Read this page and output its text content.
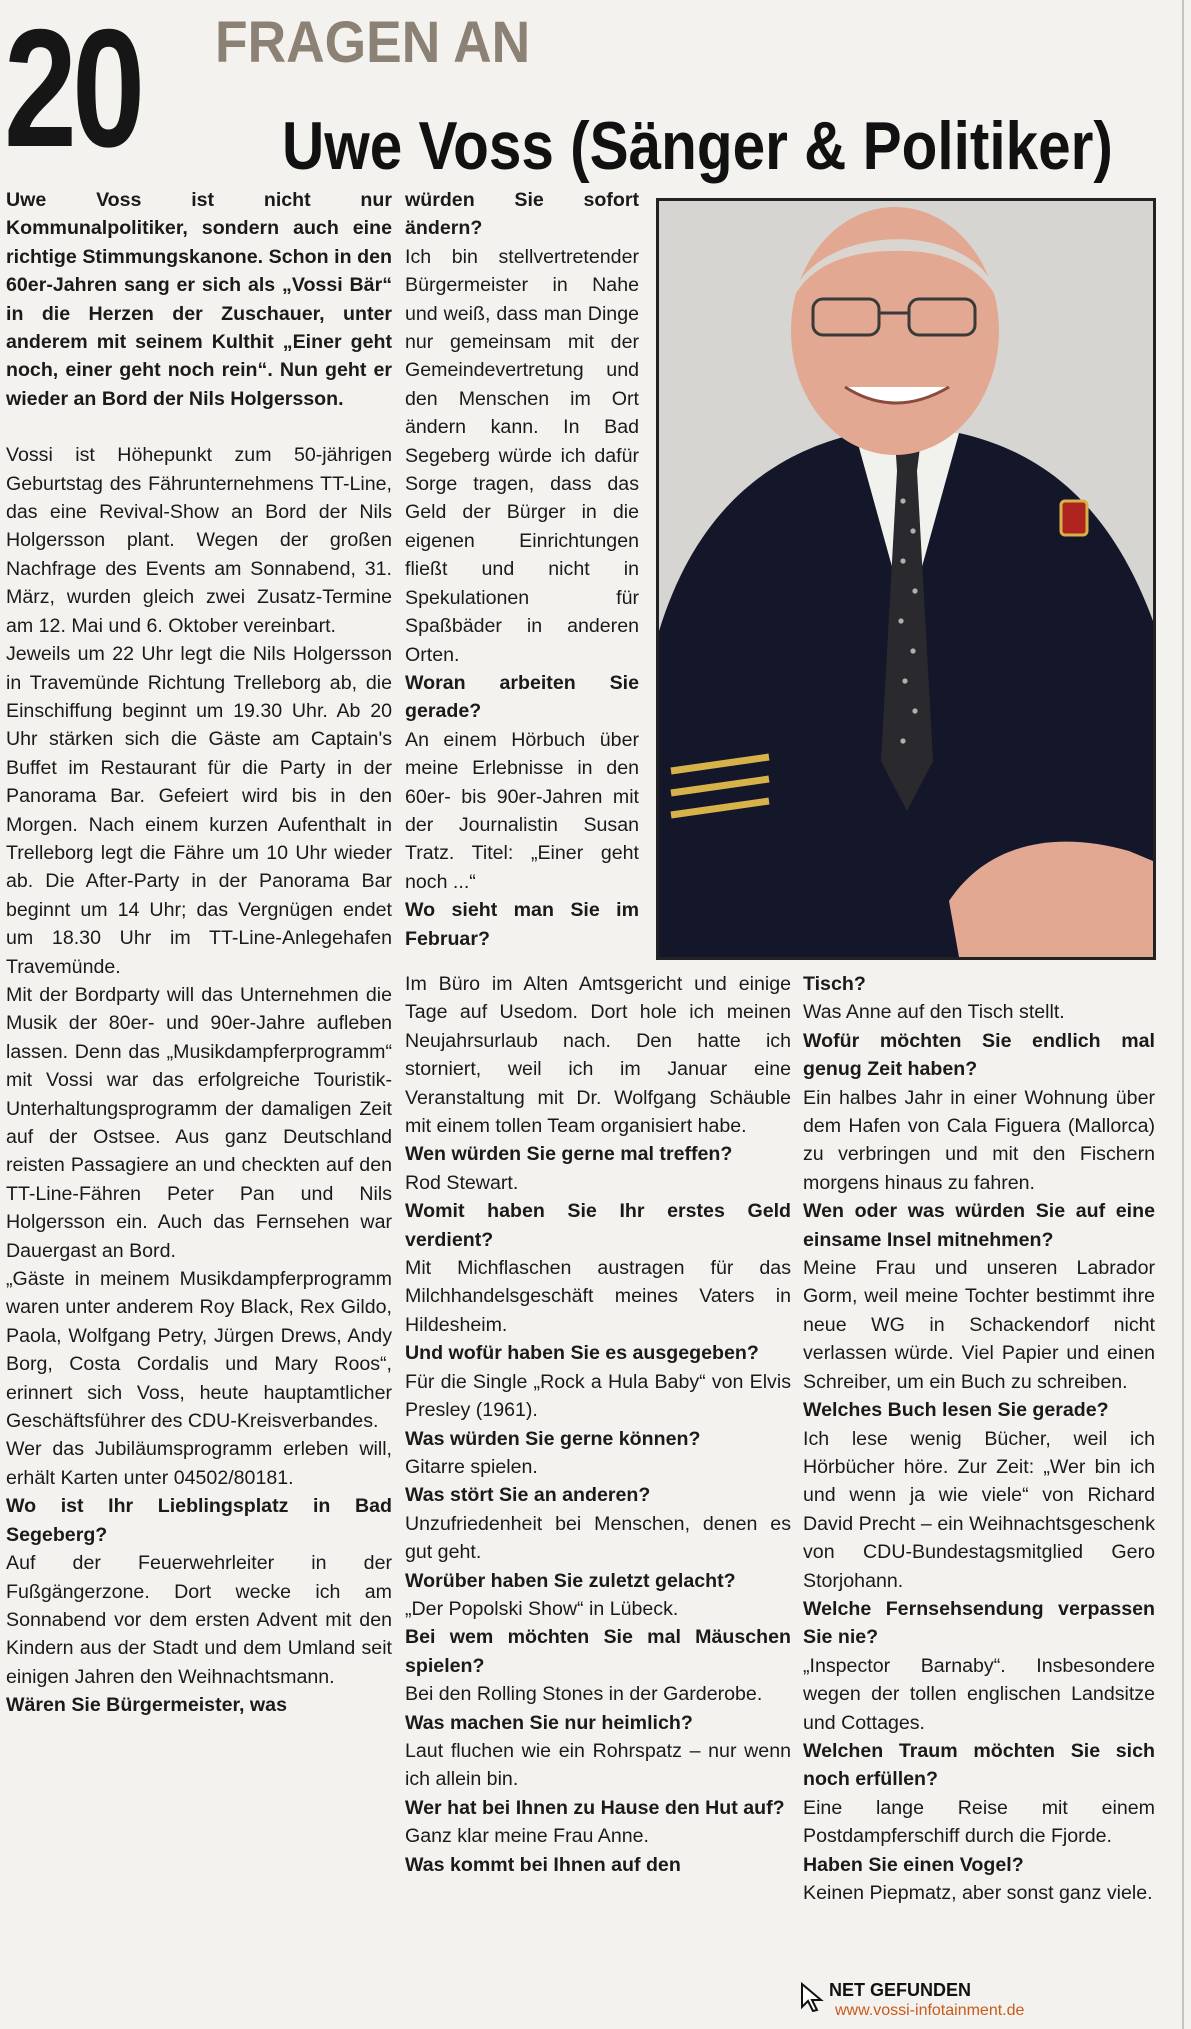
20 FRAGEN AN
Uwe Voss (Sänger & Politiker)

Uwe Voss ist nicht nur Kommunalpolitiker, sondern auch eine richtige Stimmungskanone. Schon in den 60er-Jahren sang er sich als „Vossi Bär“ in die Herzen der Zuschauer, unter anderem mit seinem Kulthit „Einer geht noch, einer geht noch rein“. Nun geht er wieder an Bord der Nils Holgersson.

Vossi ist Höhepunkt zum 50-jährigen Geburtstag des Fährunternehmens TT-Line, das eine Revival-Show an Bord der Nils Holgersson plant. Wegen der großen Nachfrage des Events am Sonnabend, 31. März, wurden gleich zwei Zusatz-Termine am 12. Mai und 6. Oktober vereinbart.

Jeweils um 22 Uhr legt die Nils Holgersson in Travemünde Richtung Trelleborg ab, die Einschiffung beginnt um 19.30 Uhr. Ab 20 Uhr stärken sich die Gäste am Captain's Buffet im Restaurant für die Party in der Panorama Bar. Gefeiert wird bis in den Morgen. Nach einem kurzen Aufenthalt in Trelleborg legt die Fähre um 10 Uhr wieder ab. Die After-Party in der Panorama Bar beginnt um 14 Uhr; das Vergnügen endet um 18.30 Uhr im TT-Line-Anlegehafen Travemünde.

Mit der Bordparty will das Unternehmen die Musik der 80er- und 90er-Jahre aufleben lassen. Denn das „Musikdampferprogramm“ mit Vossi war das erfolgreiche Touristik-Unterhaltungsprogramm der damaligen Zeit auf der Ostsee. Aus ganz Deutschland reisten Passagiere an und checkten auf den TT-Line-Fähren Peter Pan und Nils Holgersson ein. Auch das Fernsehen war Dauergast an Bord.

„Gäste in meinem Musikdampferprogramm waren unter anderem Roy Black, Rex Gildo, Paola, Wolfgang Petry, Jürgen Drews, Andy Borg, Costa Cordalis und Mary Roos“, erinnert sich Voss, heute hauptamtlicher Geschäftsführer des CDU-Kreisverbandes.

Wer das Jubiläumsprogramm erleben will, erhält Karten unter 04502/80181.

Wo ist Ihr Lieblingsplatz in Bad Segeberg?

Auf der Feuerwehrleiter in der Fußgängerzone. Dort wecke ich am Sonnabend vor dem ersten Advent mit den Kindern aus der Stadt und dem Umland seit einigen Jahren den Weihnachtsmann.

Wären Sie Bürgermeister, was

würden Sie sofort ändern?

Ich bin stellvertretender Bürgermeister in Nahe und weiß, dass man Dinge nur gemeinsam mit der Gemeindevertretung und den Menschen im Ort ändern kann. In Bad Segeberg würde ich dafür Sorge tragen, dass das Geld der Bürger in die eigenen Einrichtungen fließt und nicht in Spekulationen für Spaßbäder in anderen Orten.

Woran arbeiten Sie gerade?

An einem Hörbuch über meine Erlebnisse in den 60er- bis 90er-Jahren mit der Journalistin Susan Tratz. Titel: „Einer geht noch ...“

Wo sieht man Sie im Februar?

Im Büro im Alten Amtsgericht und einige Tage auf Usedom. Dort hole ich meinen Neujahrsurlaub nach. Den hatte ich storniert, weil ich im Januar eine Veranstaltung mit Dr. Wolfgang Schäuble mit einem tollen Team organisiert habe.

Wen würden Sie gerne mal treffen?

Rod Stewart.

Womit haben Sie Ihr erstes Geld verdient?

Mit Michflaschen austragen für das Milchhandelsgeschäft meines Vaters in Hildesheim.

Und wofür haben Sie es ausgegeben?

Für die Single „Rock a Hula Baby“ von Elvis Presley (1961).

Was würden Sie gerne können?

Gitarre spielen.

Was stört Sie an anderen?

Unzufriedenheit bei Menschen, denen es gut geht.

Worüber haben Sie zuletzt gelacht?

„Der Popolski Show“ in Lübeck.

Bei wem möchten Sie mal Mäuschen spielen?

Bei den Rolling Stones in der Garderobe.

Was machen Sie nur heimlich?

Laut fluchen wie ein Rohrspatz – nur wenn ich allein bin.

Wer hat bei Ihnen zu Hause den Hut auf?

Ganz klar meine Frau Anne.

Was kommt bei Ihnen auf den

Tisch?

Was Anne auf den Tisch stellt.

Wofür möchten Sie endlich mal genug Zeit haben?

Ein halbes Jahr in einer Wohnung über dem Hafen von Cala Figuera (Mallorca) zu verbringen und mit den Fischern morgens hinaus zu fahren.

Wen oder was würden Sie auf eine einsame Insel mitnehmen?

Meine Frau und unseren Labrador Gorm, weil meine Tochter bestimmt ihre neue WG in Schackendorf nicht verlassen würde. Viel Papier und einen Schreiber, um ein Buch zu schreiben.

Welches Buch lesen Sie gerade?

Ich lese wenig Bücher, weil ich Hörbücher höre. Zur Zeit: „Wer bin ich und wenn ja wie viele“ von Richard David Precht – ein Weihnachtsgeschenk von CDU-Bundestagsmitglied Gero Storjohann.

Welche Fernsehsendung verpassen Sie nie?

„Inspector Barnaby“. Insbesondere wegen der tollen englischen Landsitze und Cottages.

Welchen Traum möchten Sie sich noch erfüllen?

Eine lange Reise mit einem Postdampferschiff durch die Fjorde.

Haben Sie einen Vogel?

Keinen Piepmatz, aber sonst ganz viele.

NET GEFUNDEN
www.vossi-infotainment.de
